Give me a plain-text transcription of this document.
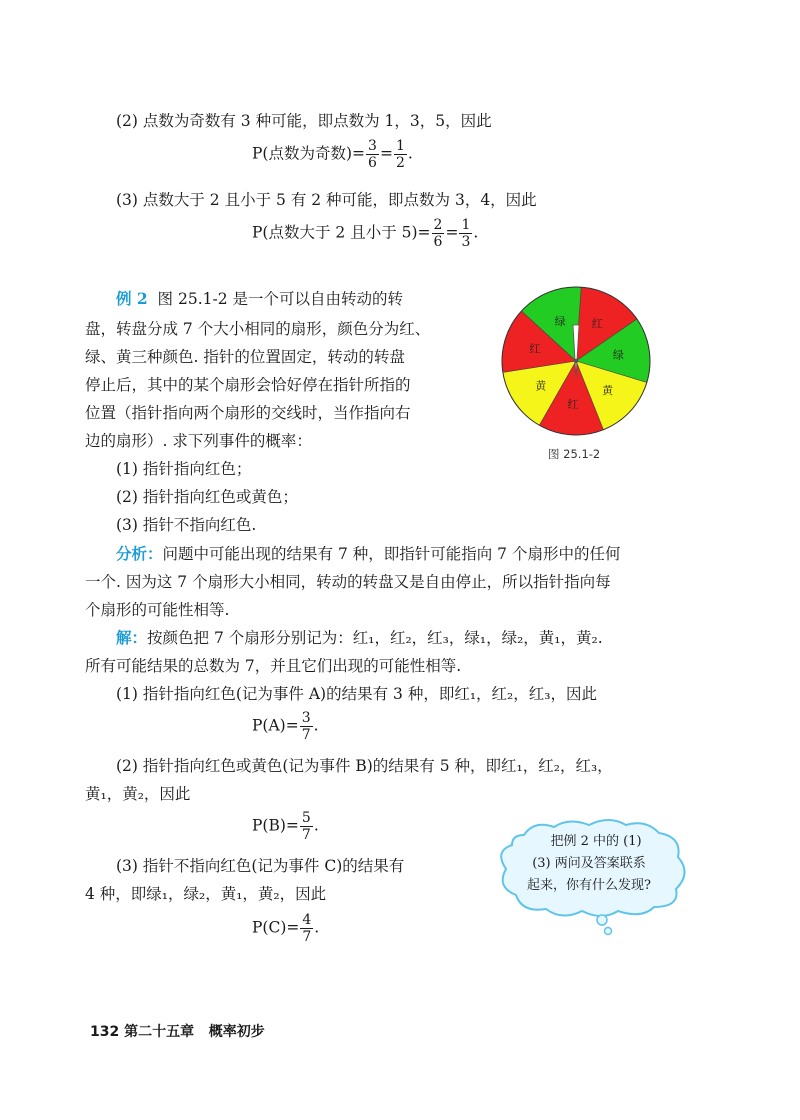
(2) 点数为奇数有 3 种可能，即点数为 1，3，5，因此
P(点数为奇数)= $\frac{3}{6} = \frac{1}{2}$ .
(3) 点数大于 2 且小于 5 有 2 种可能，即点数为 3，4，因此
P(点数大于 2 且小于 $5)= \frac{2}{6} = \frac{1}{3}$ .
例 2 图 25.1-2 是一个可以自由转动的转
盘，转盘分成 7 个大小相同的扇形，颜色分为红、
绿、黄三种颜色. 指针的位置固定，转动的转盘
停止后，其中的某个扇形会恰好停在指针所指的
位置（指针指向两个扇形的交线时，当作指向右
边的扇形）. 求下列事件的概率：
(1) 指针指向红色；
(2) 指针指向红色或黄色；
(3) 指针不指向红色.
红
绿
黄
红
黄
红
绿
图 25.1-2
分析：问题中可能出现的结果有 7 种，即指针可能指向 7 个扇形中的任何
一个. 因为这 7 个扇形大小相同，转动的转盘又是自由停止，所以指针指向每
个扇形的可能性相等.
解：按颜色把 7 个扇形分别记为：红₁，红₂，红₃，绿₁，绿₂，黄₁，黄₂.
所有可能结果的总数为 7，并且它们出现的可能性相等.
(1) 指针指向红色(记为事件 A)的结果有 3 种，即红₁，红₂，红₃，因此
$P(A)= \frac{3}{7}$ .
(2) 指针指向红色或黄色(记为事件 B)的结果有 5 种，即红₁，红₂，红₃，
黄₁，黄₂，因此
$P(B)= \frac{5}{7}$ .
(3) 指针不指向红色(记为事件 C)的结果有
4 种，即绿₁，绿₂，黄₁，黄₂，因此
$P(C)= \frac{4}{7}$ .
把例 2 中的 (1)
(3) 两问及答案联系
起来，你有什么发现?
132 第二十五章 概率初步
